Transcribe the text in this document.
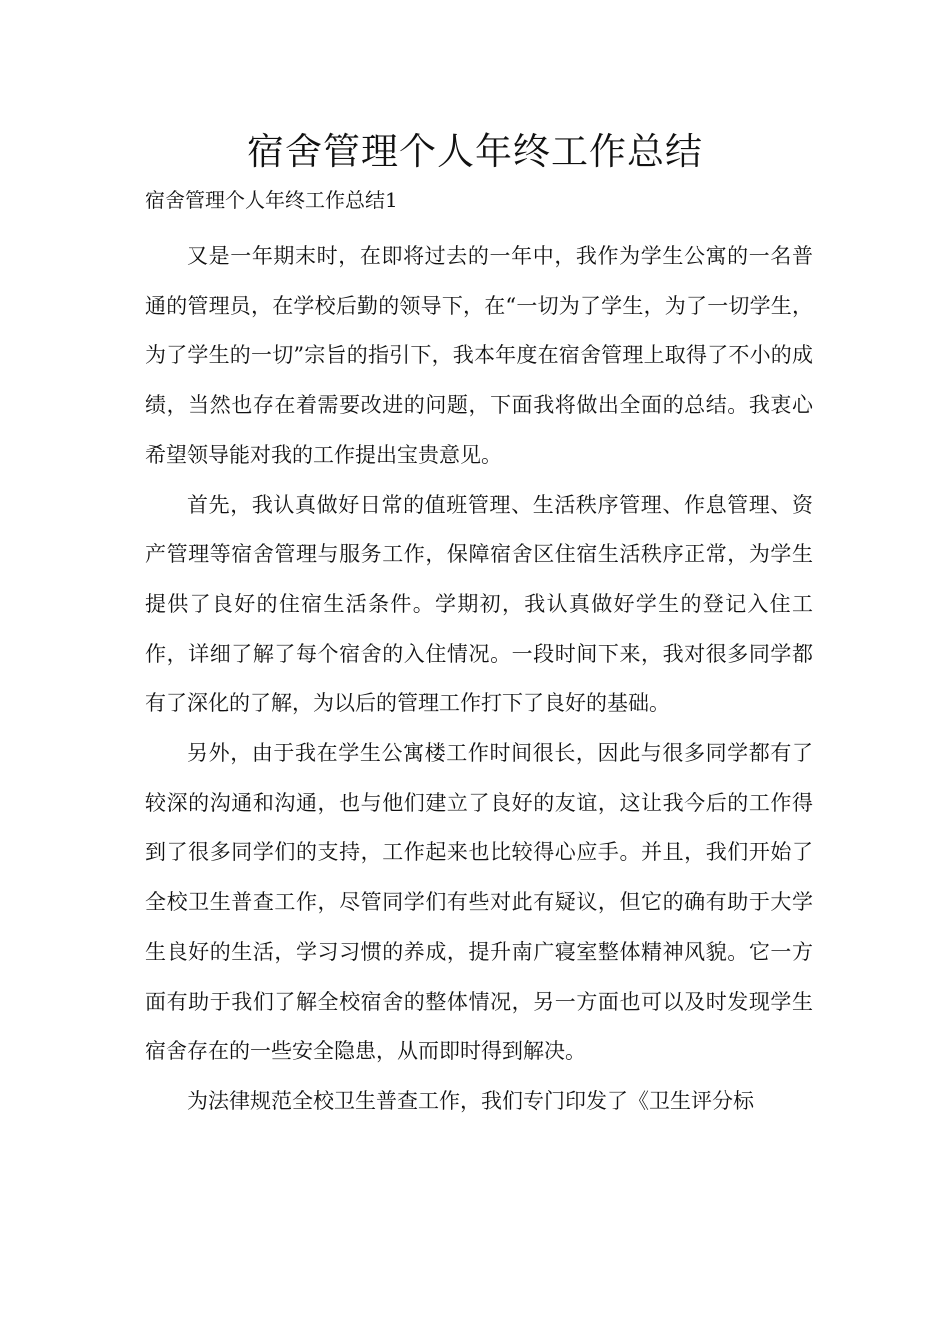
宿舍管理个人年终工作总结

宿舍管理个人年终工作总结1

又是一年期末时，在即将过去的一年中，我作为学生公寓的一名普通的管理员，在学校后勤的领导下，在“一切为了学生，为了一切学生，为了学生的一切”宗旨的指引下，我本年度在宿舍管理上取得了不小的成绩，当然也存在着需要改进的问题，下面我将做出全面的总结。我衷心希望领导能对我的工作提出宝贵意见。

首先，我认真做好日常的值班管理、生活秩序管理、作息管理、资产管理等宿舍管理与服务工作，保障宿舍区住宿生活秩序正常，为学生提供了良好的住宿生活条件。学期初，我认真做好学生的登记入住工作，详细了解了每个宿舍的入住情况。一段时间下来，我对很多同学都有了深化的了解，为以后的管理工作打下了良好的基础。

另外，由于我在学生公寓楼工作时间很长，因此与很多同学都有了较深的沟通和沟通，也与他们建立了良好的友谊，这让我今后的工作得到了很多同学们的支持，工作起来也比较得心应手。并且，我们开始了全校卫生普查工作，尽管同学们有些对此有疑议，但它的确有助于大学生良好的生活，学习习惯的养成，提升南广寝室整体精神风貌。它一方面有助于我们了解全校宿舍的整体情况，另一方面也可以及时发现学生宿舍存在的一些安全隐患，从而即时得到解决。

为法律规范全校卫生普查工作，我们专门印发了《卫生评分标
